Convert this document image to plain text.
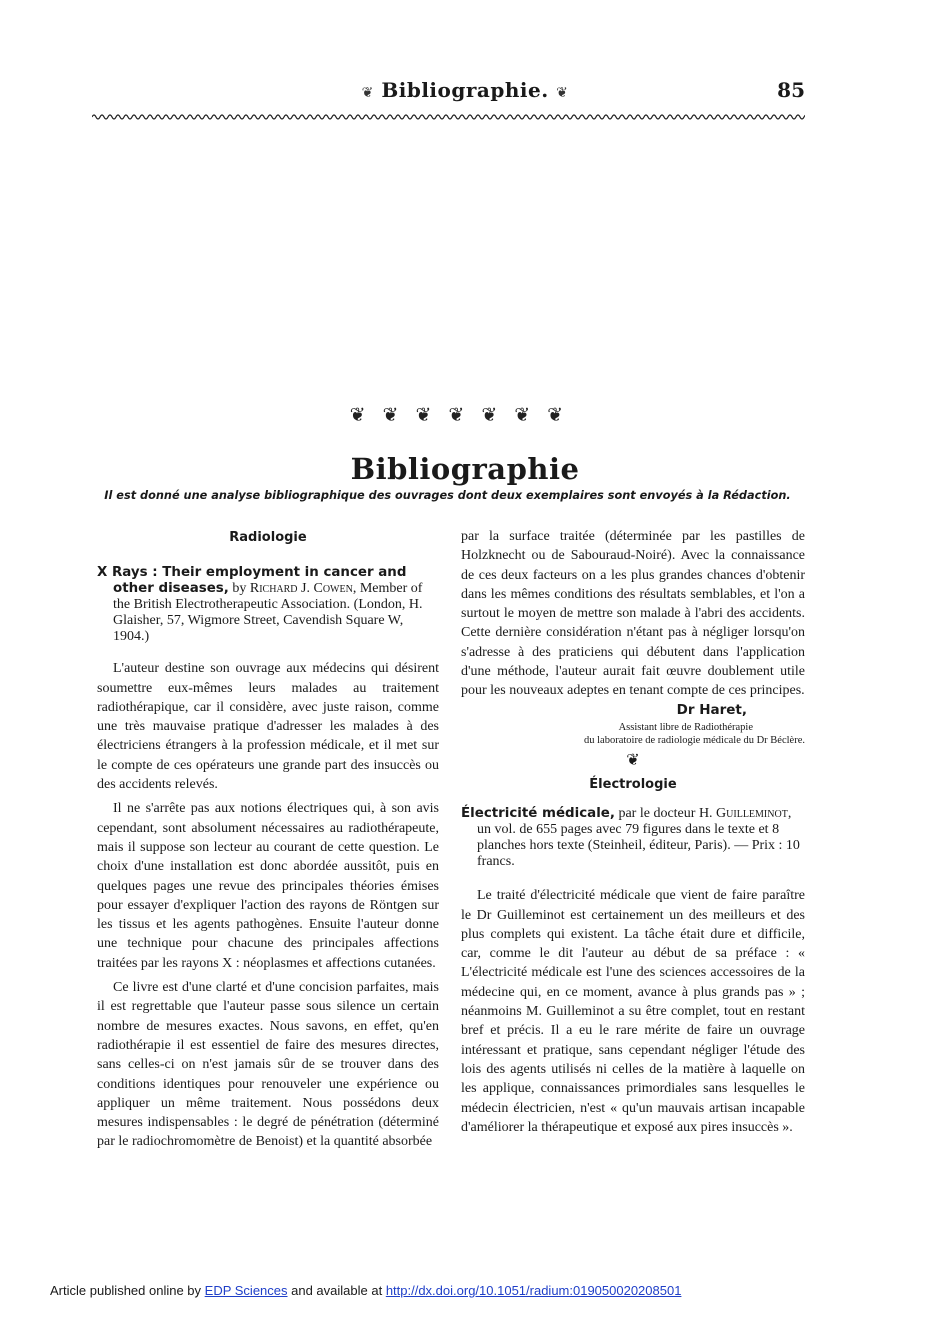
❦ Bibliographie. ❦	85
❦❦❦❦❦❦❦
Bibliographie
Il est donné une analyse bibliographique des ouvrages dont deux exemplaires sont envoyés à la Rédaction.
Radiologie
X Rays : Their employment in cancer and other diseases, by Richard J. Cowen, Member of the British Electrotherapeutic Association. (London, H. Glaisher, 57, Wigmore Street, Cavendish Square W, 1904.)

L'auteur destine son ouvrage aux médecins qui désirent soumettre eux-mêmes leurs malades au traitement radiothérapique, car il considère, avec juste raison, comme une très mauvaise pratique d'adresser les malades à des électriciens étrangers à la profession médicale, et il met sur le compte de ces opérateurs une grande part des insuccès ou des accidents relevés.

Il ne s'arrête pas aux notions électriques qui, à son avis cependant, sont absolument nécessaires au radiothérapeute, mais il suppose son lecteur au courant de cette question. Le choix d'une installation est donc abordée aussitôt, puis en quelques pages une revue des principales théories émises pour essayer d'expliquer l'action des rayons de Röntgen sur les tissus et les agents pathogènes. Ensuite l'auteur donne une technique pour chacune des principales affections traitées par les rayons X : néoplasmes et affections cutanées.

Ce livre est d'une clarté et d'une concision parfaites, mais il est regrettable que l'auteur passe sous silence un certain nombre de mesures exactes. Nous savons, en effet, qu'en radiothérapie il est essentiel de faire des mesures directes, sans celles-ci on n'est jamais sûr de se trouver dans des conditions identiques pour renouveler une expérience ou appliquer un même traitement. Nous possédons deux mesures indispensables : le degré de pénétration (déterminé par le radiochromomètre de Benoist) et la quantité absorbée

par la surface traitée (déterminée par les pastilles de Holzknecht ou de Sabouraud-Noiré). Avec la connaissance de ces deux facteurs on a les plus grandes chances d'obtenir dans les mêmes conditions des résultats semblables, et l'on a surtout le moyen de mettre son malade à l'abri des accidents. Cette dernière considération n'étant pas à négliger lorsqu'on s'adresse à des praticiens qui débutent dans l'application d'une méthode, l'auteur aurait fait œuvre doublement utile pour les nouveaux adeptes en tenant compte de ces principes.

Dr Haret,
Assistant libre de Radiothérapie
du laboratoire de radiologie médicale du Dr Béclère.
❦
Électrologie
Électricité médicale, par le docteur H. Guilleminot, un vol. de 655 pages avec 79 figures dans le texte et 8 planches hors texte (Steinheil, éditeur, Paris). — Prix : 10 francs.

Le traité d'électricité médicale que vient de faire paraître le Dr Guilleminot est certainement un des meilleurs et des plus complets qui existent. La tâche était dure et difficile, car, comme le dit l'auteur au début de sa préface : « L'électricité médicale est l'une des sciences accessoires de la médecine qui, en ce moment, avance à plus grands pas » ; néanmoins M. Guilleminot a su être complet, tout en restant bref et précis. Il a eu le rare mérite de faire un ouvrage intéressant et pratique, sans cependant négliger l'étude des lois des agents utilisés ni celles de la matière à laquelle on les applique, connaissances primordiales sans lesquelles le médecin électricien, n'est « qu'un mauvais artisan incapable d'améliorer la thérapeutique et exposé aux pires insuccès ».

Article published online by EDP Sciences and available at http://dx.doi.org/10.1051/radium:019050020208501
